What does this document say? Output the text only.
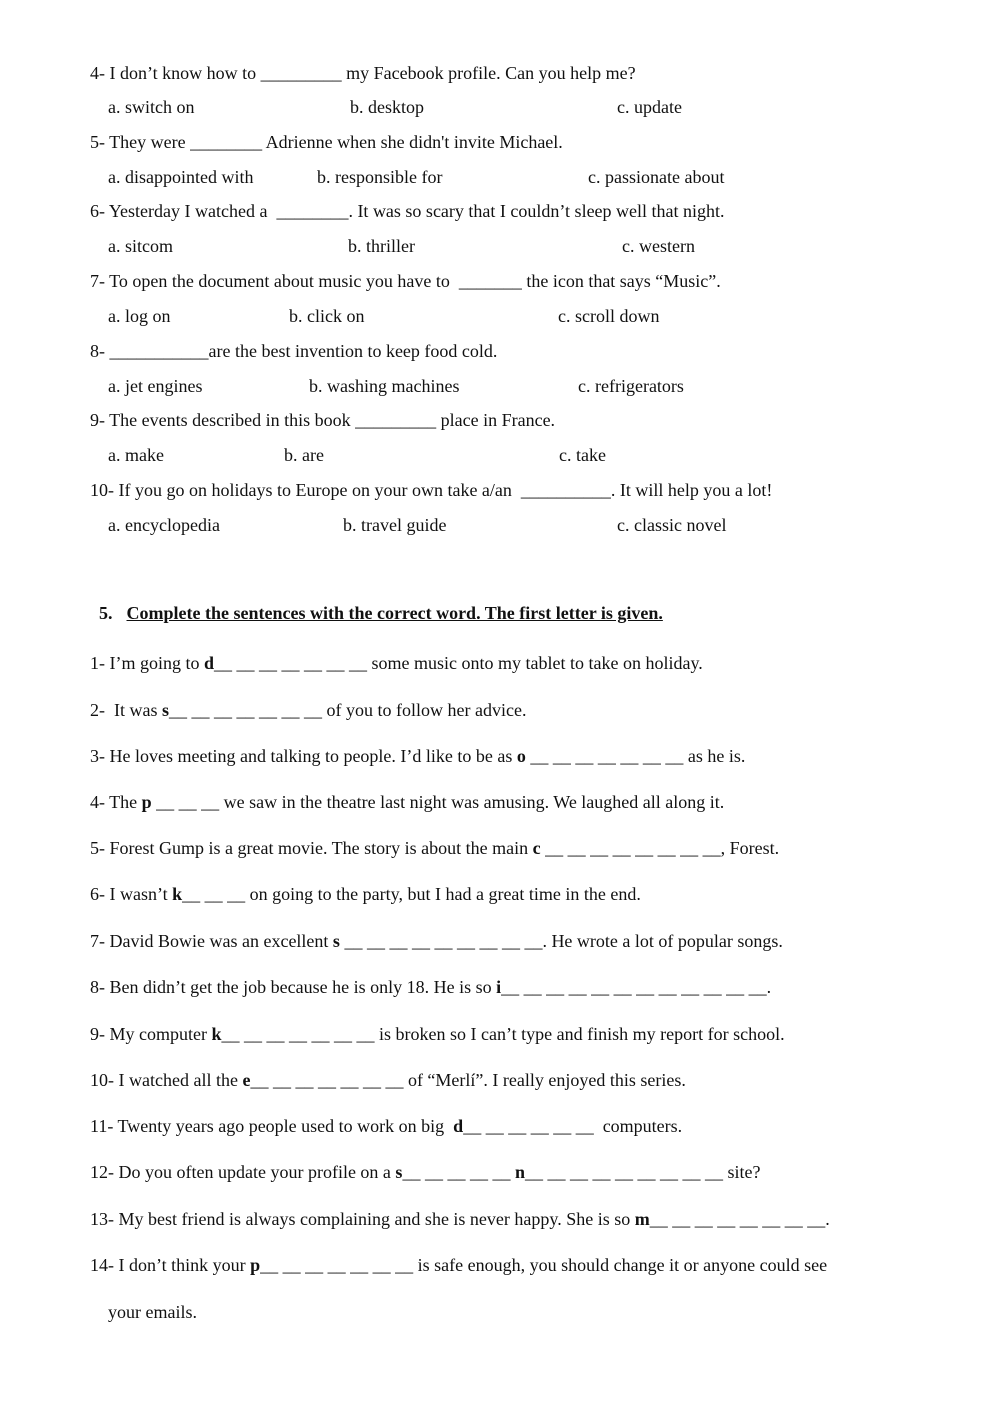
4- I don’t know how to _________ my Facebook profile. Can you help me?
a. switch on	b. desktop	c. update
5- They were ________ Adrienne when she didn't invite Michael.
a. disappointed with	b. responsible for	c. passionate about
6- Yesterday I watched a  ________. It was so scary that I couldn’t sleep well that night.
a. sitcom	b. thriller	c. western
7- To open the document about music you have to  _______ the icon that says “Music”.
a. log on	b. click on	c. scroll down
8- ___________are the best invention to keep food cold.
a. jet engines	b. washing machines	c. refrigerators
9- The events described in this book _________ place in France.
a. make	b. are	c. take
10- If you go on holidays to Europe on your own take a/an  __________. It will help you a lot!
a. encyclopedia	b. travel guide	c. classic novel

5. Complete the sentences with the correct word. The first letter is given.

1- I’m going to d__ __ __ __ __ __ __ some music onto my tablet to take on holiday.
2-  It was s__ __ __ __ __ __ __ of you to follow her advice.
3- He loves meeting and talking to people. I’d like to be as o __ __ __ __ __ __ __ as he is.
4- The p __ __ __ we saw in the theatre last night was amusing. We laughed all along it.
5- Forest Gump is a great movie. The story is about the main c __ __ __ __ __ __ __ __, Forest.
6- I wasn’t k__ __ __ on going to the party, but I had a great time in the end.
7- David Bowie was an excellent s __ __ __ __ __ __ __ __ __. He wrote a lot of popular songs.
8- Ben didn’t get the job because he is only 18. He is so i__ __ __ __ __ __ __ __ __ __ __ __.
9- My computer k__ __ __ __ __ __ __ is broken so I can’t type and finish my report for school.
10- I watched all the e__ __ __ __ __ __ __ of “Merlí”. I really enjoyed this series.
11- Twenty years ago people used to work on big  d__ __ __ __ __ __  computers.
12- Do you often update your profile on a s__ __ __ __ __ n__ __ __ __ __ __ __ __ __ site?
13- My best friend is always complaining and she is never happy. She is so m__ __ __ __ __ __ __ __.
14- I don’t think your p__ __ __ __ __ __ __ is safe enough, you should change it or anyone could see
your emails.
